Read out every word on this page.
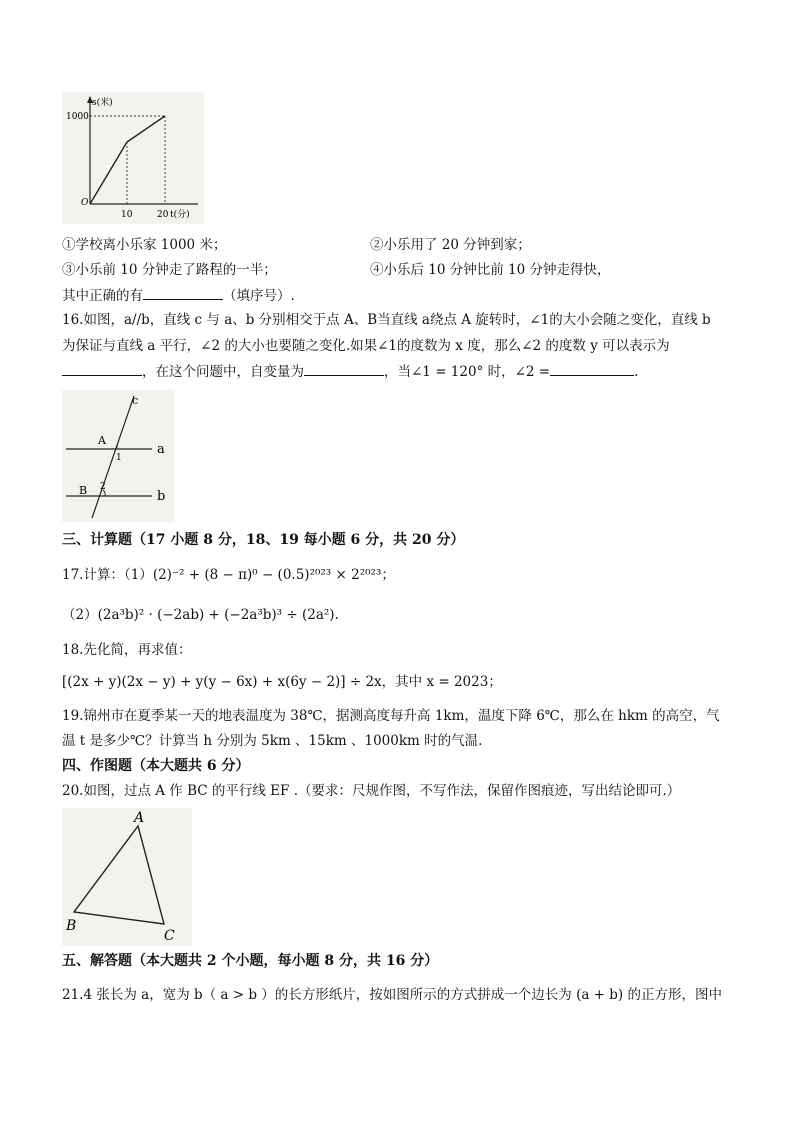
s(米)
1000
O
10	20 t(分)
①学校离小乐家 1000 米；	②小乐用了 20 分钟到家；
③小乐前 10 分钟走了路程的一半；	④小乐后 10 分钟比前 10 分钟走得快，
其中正确的有	（填序号）.
16.如图，a//b，直线 c 与 a、b 分别相交于点 A、B当直线 a绕点 A 旋转时，∠1的大小会随之变化，直线 b
为保证与直线 a 平行，∠2 的大小也要随之变化.如果∠1的度数为 x 度，那么∠2 的度数 y 可以表示为
，在这个问题中，自变量为	，当∠1 = 120° 时，∠2 =	.
c
a
b
A
B
1
2
三、计算题（17 小题 8 分，18、19 每小题 6 分，共 20 分）
17.计算：（1）(2)⁻² + (8 − π)⁰ − (0.5)²⁰²³ × 2²⁰²³；
（2）(2a³b)² · (−2ab) + (−2a³b)³ ÷ (2a²).
18.先化简，再求值：
[(2x + y)(2x − y) + y(y − 6x) + x(6y − 2)] ÷ 2x，其中 x = 2023；
19.锦州市在夏季某一天的地表温度为 38℃，据测高度每升高 1km，温度下降 6℃，那么在 hkm 的高空，气
温 t 是多少℃？计算当 h 分别为 5km 、15km 、1000km 时的气温.
四、作图题（本大题共 6 分）
20.如图，过点 A 作 BC 的平行线 EF .（要求：尺规作图，不写作法，保留作图痕迹，写出结论即可.）
A
B
C
五、解答题（本大题共 2 个小题，每小题 8 分，共 16 分）
21.4 张长为 a，宽为 b（ a > b ）的长方形纸片，按如图所示的方式拼成一个边长为 (a + b) 的正方形，图中
